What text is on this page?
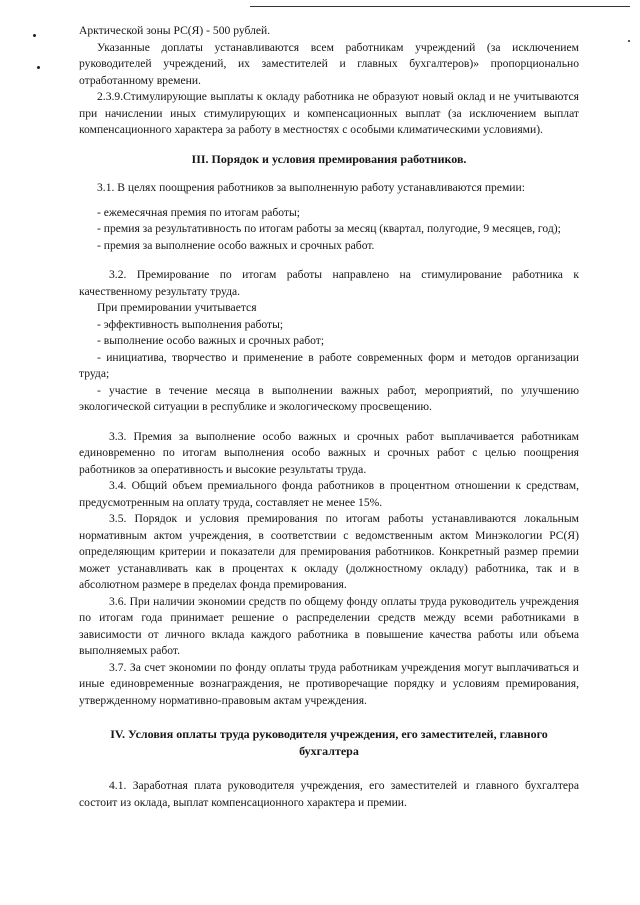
Арктической зоны РС(Я) - 500 рублей.

Указанные доплаты устанавливаются всем работникам учреждений (за исключением руководителей учреждений, их заместителей и главных бухгалтеров)» пропорционально отработанному времени.

2.3.9.Стимулирующие выплаты к окладу работника не образуют новый оклад и не учитываются при начислении иных стимулирующих и компенсационных выплат (за исключением выплат компенсационного характера за работу в местностях с особыми климатическими условиями).

III. Порядок и условия премирования работников.

3.1. В целях поощрения работников за выполненную работу устанавливаются премии:

- ежемесячная премия по итогам работы;

- премия за результативность по итогам работы за месяц (квартал, полугодие, 9 месяцев, год);

- премия за выполнение особо важных и срочных работ.

3.2. Премирование по итогам работы направлено на стимулирование работника к качественному результату труда.

При премировании учитывается

- эффективность выполнения работы;

- выполнение особо важных и срочных работ;

- инициатива, творчество и применение в работе современных форм и методов организации труда;

- участие в течение месяца в выполнении важных работ, мероприятий, по улучшению экологической ситуации в республике и экологическому просвещению.

3.3. Премия за выполнение особо важных и срочных работ выплачивается работникам единовременно по итогам выполнения особо важных и срочных работ с целью поощрения работников за оперативность и высокие результаты труда.

3.4. Общий объем премиального фонда работников в процентном отношении к средствам, предусмотренным на оплату труда, составляет не менее 15%.

3.5. Порядок и условия премирования по итогам работы устанавливаются локальным нормативным актом учреждения, в соответствии с ведомственным актом Минэкологии РС(Я) определяющим критерии и показатели для премирования работников. Конкретный размер премии может устанавливать как в процентах к окладу (должностному окладу) работника, так и в абсолютном размере в пределах фонда премирования.

3.6. При наличии экономии средств по общему фонду оплаты труда руководитель учреждения по итогам года принимает решение о распределении средств между всеми работниками в зависимости от личного вклада каждого работника в повышение качества работы или объема выполняемых работ.

3.7. За счет экономии по фонду оплаты труда работникам учреждения могут выплачиваться и иные единовременные вознаграждения, не противоречащие порядку и условиям премирования, утвержденному нормативно-правовым актам учреждения.

IV. Условия оплаты труда руководителя учреждения, его заместителей, главного бухгалтера

4.1. Заработная плата руководителя учреждения, его заместителей и главного бухгалтера состоит из оклада, выплат компенсационного характера и премии.
